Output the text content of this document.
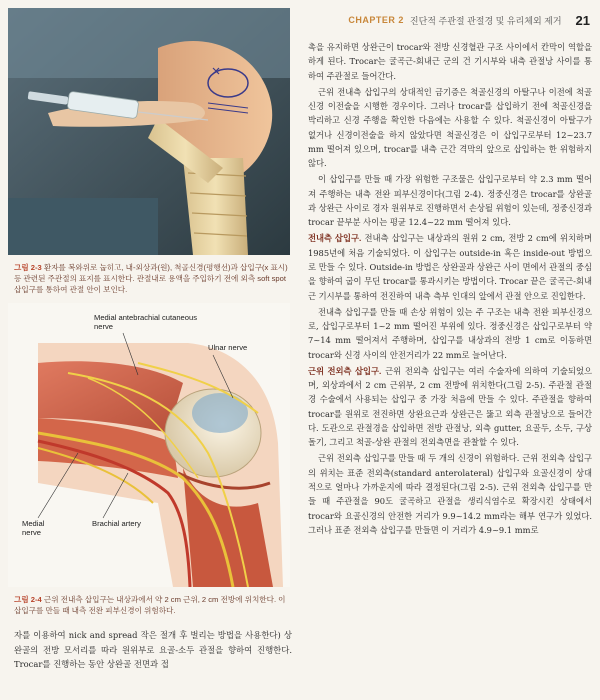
CHAPTER 2 진단적 주관절 관절경 및 유리체외 제거 21
그림 2-3 환자를 복와위로 눕히고, 내-외상과(원), 척골신경(평행선)과 삽입구(x 표시) 등 관련된 주관절의 표지를 표시한다. 관절내로 용액을 주입하기 전에 외측 soft spot 삽입구를 통하여 관절 안이 보인다.
Medial antebrachial cutaneous nerve
Ulnar nerve
Medial nerve
Brachial artery
그림 2-4 근위 전내측 삽입구는 내상과에서 약 2 cm 근위, 2 cm 전방에 위치한다. 이 삽입구를 만들 때 내측 전완 피부신경이 위험하다.

자를 이용하여 nick and spread 작은 절개 후 벌리는 방법을 사용한다) 상완골의 전방 모서리를 따라 원위부로 요골-소두 관절을 향하여 진행한다. Trocar를 진행하는 동안 상완골 전면과 접

촉을 유지하면 상완근이 trocar와 전방 신경혈관 구조 사이에서 칸막이 역할을 하게 된다. Trocar는 굴곡근-회내근 군의 건 기시부와 내측 관절낭 사이를 통하여 주관절로 들어간다.

근위 전내측 삽입구의 상대적인 금기증은 척골신경의 아탈구나 이전에 척골신경 이전술을 시행한 경우이다. 그러나 trocar를 삽입하기 전에 척골신경을 박리하고 신경 주행을 확인한 다음에는 사용할 수 있다. 척골신경이 아탈구가 없거나 신경이전술을 하지 않았다면 척골신경은 이 삽입구로부터 12~23.7 mm 떨어져 있으며, trocar를 내측 근간 격막의 앞으로 삽입하는 한 위험하지 않다.

이 삽입구를 만들 때 가장 위험한 구조물은 삽입구로부터 약 2.3 mm 떨어져 주행하는 내측 전완 피부신경이다(그림 2-4). 정중신경은 trocar를 상완골과 상완근 사이로 경자 원위부로 진행하면서 손상될 위험이 있는데, 정중신경과 trocar 끝부분 사이는 평균 12.4~22 mm 떨어져 있다.

전내측 삽입구. 전내측 삽입구는 내상과의 원위 2 cm, 전방 2 cm에 위치하며 1985년에 처음 기술되었다. 이 삽입구는 outside-in 혹은 inside-out 방법으로 만들 수 있다. Outside-in 방법은 상완골과 상완근 사이 면에서 관절의 중심을 향하여 굽이 무딘 trocar를 통과시키는 방법이다. Trocar 끝은 굴곡근-회내근 기시부를 통하여 전진하여 내측 측부 인대의 앞에서 관절 안으로 진입한다.

전내측 삽입구를 만들 때 손상 위험이 있는 주 구조는 내측 전완 피부신경으로, 삽입구로부터 1~2 mm 떨어진 부위에 있다. 정중신경은 삽입구로부터 약 7~14 mm 떨어져서 주행하며, 삽입구를 내상과의 전방 1 cm로 이동하면 trocar와 신경 사이의 안전거리가 22 mm로 늘어난다.

근위 전외측 삽입구. 근위 전외측 삽입구는 여러 수술자에 의하여 기술되었으며, 외상과에서 2 cm 근위부, 2 cm 전방에 위치한다(그림 2-5). 주관절 관절경 수술에서 사용되는 삽입구 중 가장 처음에 만들 수 있다. 주관절을 향하여 trocar를 원위로 전진하면 상완요근과 상완근은 뚫고 외측 관절낭으로 들어간다. 도관으로 관절경을 삽입하면 전방 관절낭, 외측 gutter, 요골두, 소두, 구상돌기, 그리고 척골-상완 관절의 전외측면을 관찰할 수 있다.

근위 전외측 삽입구를 만들 때 두 개의 신경이 위험하다. 근위 전외측 삽입구의 위치는 표준 전외측(standard anterolateral) 삽입구와 요골신경이 상대적으로 얼마나 가까운지에 따라 결정된다(그림 2-5). 근위 전외측 삽입구를 만들 때 주관절을 90도 굴곡하고 관절을 생리식염수로 확장시킨 상태에서 trocar와 요골신경의 안전한 거리가 9.9~14.2 mm라는 해부 연구가 있었다. 그러나 표준 전외측 삽입구를 만들면 이 거리가 4.9~9.1 mm로
